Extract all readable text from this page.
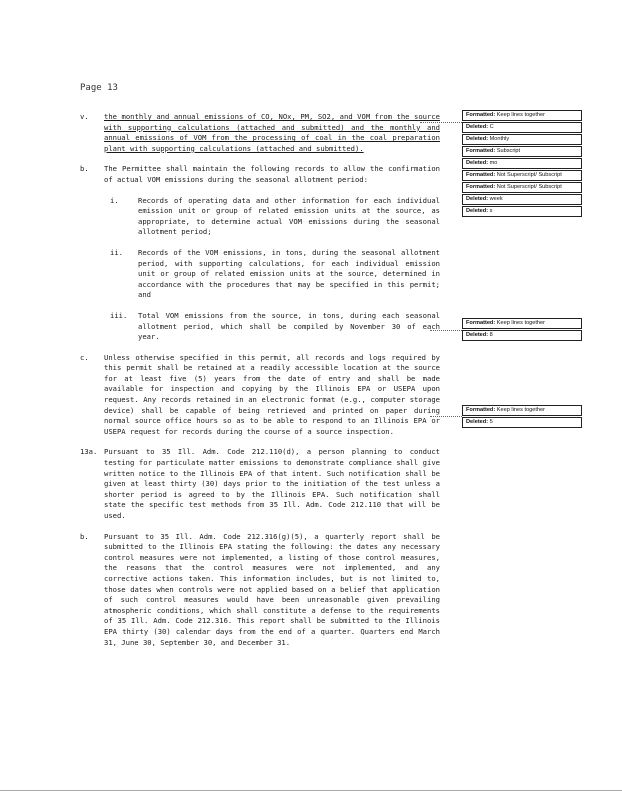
Page 13
v.	the monthly and annual emissions of CO, NOx, PM, SO2, and VOM from the source with supporting calculations (attached and submitted) and the monthly and annual emissions of VOM from the processing of coal in the coal preparation plant with supporting calculations (attached and submitted).
b.	The Permittee shall maintain the following records to allow the confirmation of actual VOM emissions during the seasonal allotment period:
i.	Records of operating data and other information for each individual emission unit or group of related emission units at the source, as appropriate, to determine actual VOM emissions during the seasonal allotment period;
ii.	Records of the VOM emissions, in tons, during the seasonal allotment period, with supporting calculations, for each individual emission unit or group of related emission units at the source, determined in accordance with the procedures that may be specified in this permit; and
iii.	Total VOM emissions from the source, in tons, during each seasonal allotment period, which shall be compiled by November 30 of each year.
c.	Unless otherwise specified in this permit, all records and logs required by this permit shall be retained at a readily accessible location at the source for at least five (5) years from the date of entry and shall be made available for inspection and copying by the Illinois EPA or USEPA upon request. Any records retained in an electronic format (e.g., computer storage device) shall be capable of being retrieved and printed on paper during normal source office hours so as to be able to respond to an Illinois EPA or USEPA request for records during the course of a source inspection.
13a. Pursuant to 35 Ill. Adm. Code 212.110(d), a person planning to conduct testing for particulate matter emissions to demonstrate compliance shall give written notice to the Illinois EPA of that intent. Such notification shall be given at least thirty (30) days prior to the initiation of the test unless a shorter period is agreed to by the Illinois EPA. Such notification shall state the specific test methods from 35 Ill. Adm. Code 212.110 that will be used.
b.	Pursuant to 35 Ill. Adm. Code 212.316(g)(5), a quarterly report shall be submitted to the Illinois EPA stating the following: the dates any necessary control measures were not implemented, a listing of those control measures, the reasons that the control measures were not implemented, and any corrective actions taken. This information includes, but is not limited to, those dates when controls were not applied based on a belief that application of such control measures would have been unreasonable given prevailing atmospheric conditions, which shall constitute a defense to the requirements of 35 Ill. Adm. Code 212.316. This report shall be submitted to the Illinois EPA thirty (30) calendar days from the end of a quarter. Quarters end March 31, June 30, September 30, and December 31.
Formatted: Keep lines together
Deleted: C
Deleted: Monthly
Formatted: Subscript
Deleted: mo
Formatted: Not Superscript/ Subscript
Formatted: Not Superscript/ Subscript
Deleted: week
Deleted: s
Formatted: Keep lines together
Deleted: 8
Formatted: Keep lines together
Deleted: 5
